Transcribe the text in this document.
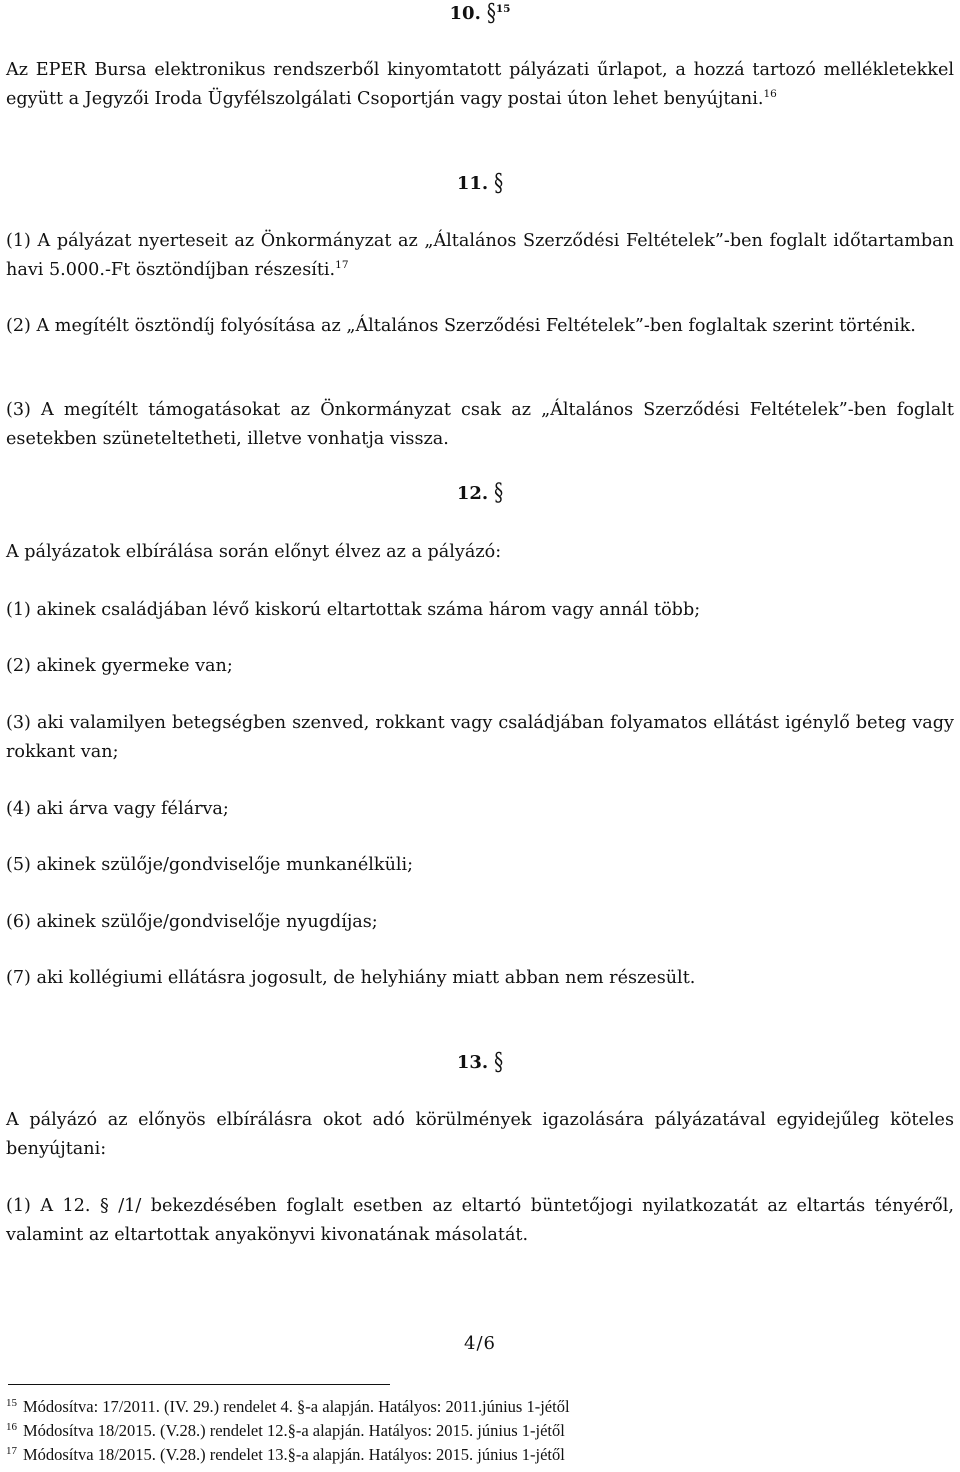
10. §$^{15}$
Az EPER Bursa elektronikus rendszerből kinyomtatott pályázati űrlapot, a hozzá tartozó mellékletekkel együtt a Jegyzői Iroda Ügyfélszolgálati Csoportján vagy postai úton lehet benyújtani.$^{16}$
11. §
(1) A pályázat nyerteseit az Önkormányzat az „Általános Szerződési Feltételek”-ben foglalt időtartamban havi 5.000.-Ft ösztöndíjban részesíti.$^{17}$
(2) A megítélt ösztöndíj folyósítása az „Általános Szerződési Feltételek”-ben foglaltak szerint történik.
(3) A megítélt támogatásokat az Önkormányzat csak az „Általános Szerződési Feltételek”-ben foglalt esetekben szüneteltetheti, illetve vonhatja vissza.
12. §
A pályázatok elbírálása során előnyt élvez az a pályázó:
(1) akinek családjában lévő kiskorú eltartottak száma három vagy annál több;
(2) akinek gyermeke van;
(3) aki valamilyen betegségben szenved, rokkant vagy családjában folyamatos ellátást igénylő beteg vagy rokkant van;
(4) aki árva vagy félárva;
(5) akinek szülője/gondviselője munkanélküli;
(6) akinek szülője/gondviselője nyugdíjas;
(7) aki kollégiumi ellátásra jogosult, de helyhiány miatt abban nem részesült.
13. §
A pályázó az előnyös elbírálásra okot adó körülmények igazolására pályázatával egyidejűleg köteles benyújtani:
(1) A 12. § /1/ bekezdésében foglalt esetben az eltartó büntetőjogi nyilatkozatát az eltartás tényéről, valamint az eltartottak anyakönyvi kivonatának másolatát.
4/6
$^{15}$ Módosítva: 17/2011. (IV. 29.) rendelet 4. §-a alapján. Hatályos: 2011.június 1-jétől
$^{16}$ Módosítva 18/2015. (V.28.) rendelet 12.§-a alapján. Hatályos: 2015. június 1-jétől
$^{17}$ Módosítva 18/2015. (V.28.) rendelet 13.§-a alapján. Hatályos: 2015. június 1-jétől
